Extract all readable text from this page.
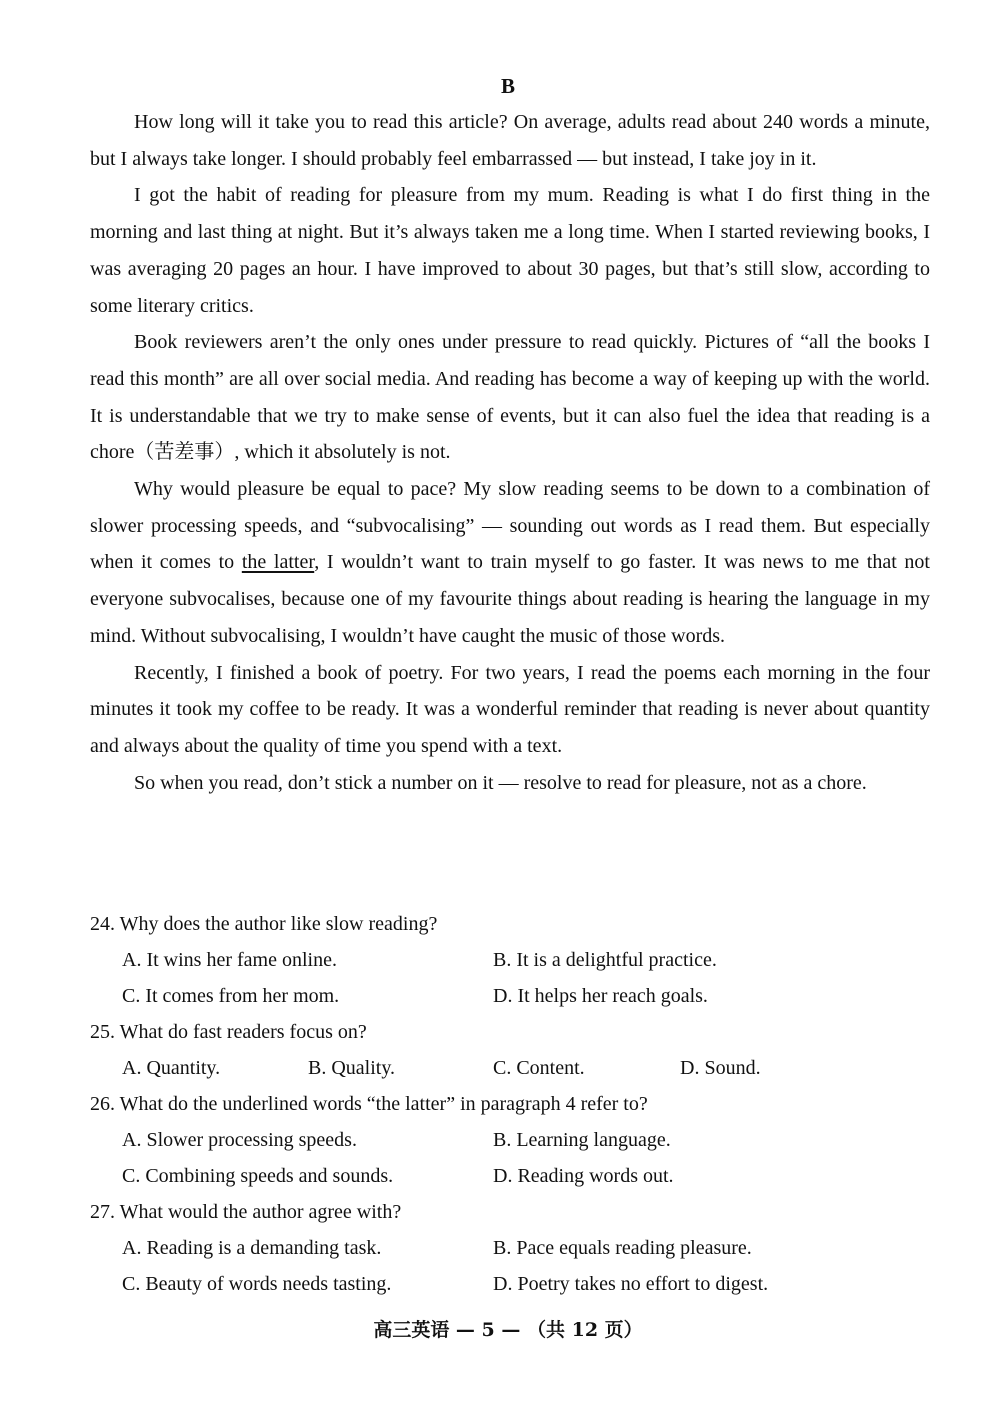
B

How long will it take you to read this article? On average, adults read about 240 words a minute, but I always take longer. I should probably feel embarrassed — but instead, I take joy in it.

I got the habit of reading for pleasure from my mum. Reading is what I do first thing in the morning and last thing at night. But it’s always taken me a long time. When I started reviewing books, I was averaging 20 pages an hour. I have improved to about 30 pages, but that’s still slow, according to some literary critics.

Book reviewers aren’t the only ones under pressure to read quickly. Pictures of “all the books I read this month” are all over social media. And reading has become a way of keeping up with the world. It is understandable that we try to make sense of events, but it can also fuel the idea that reading is a chore（苦差事）, which it absolutely is not.

Why would pleasure be equal to pace? My slow reading seems to be down to a combination of slower processing speeds, and “subvocalising” — sounding out words as I read them. But especially when it comes to the latter, I wouldn’t want to train myself to go faster. It was news to me that not everyone subvocalises, because one of my favourite things about reading is hearing the language in my mind. Without subvocalising, I wouldn’t have caught the music of those words.

Recently, I finished a book of poetry. For two years, I read the poems each morning in the four minutes it took my coffee to be ready. It was a wonderful reminder that reading is never about quantity and always about the quality of time you spend with a text.

So when you read, don’t stick a number on it — resolve to read for pleasure, not as a chore.

24. Why does the author like slow reading?
A. It wins her fame online.	B. It is a delightful practice.
C. It comes from her mom.	D. It helps her reach goals.
25. What do fast readers focus on?
A. Quantity.	B. Quality.	C. Content.	D. Sound.
26. What do the underlined words “the latter” in paragraph 4 refer to?
A. Slower processing speeds.	B. Learning language.
C. Combining speeds and sounds.	D. Reading words out.
27. What would the author agree with?
A. Reading is a demanding task.	B. Pace equals reading pleasure.
C. Beauty of words needs tasting.	D. Poetry takes no effort to digest.
高三英语 — 5 — （共 12 页）
